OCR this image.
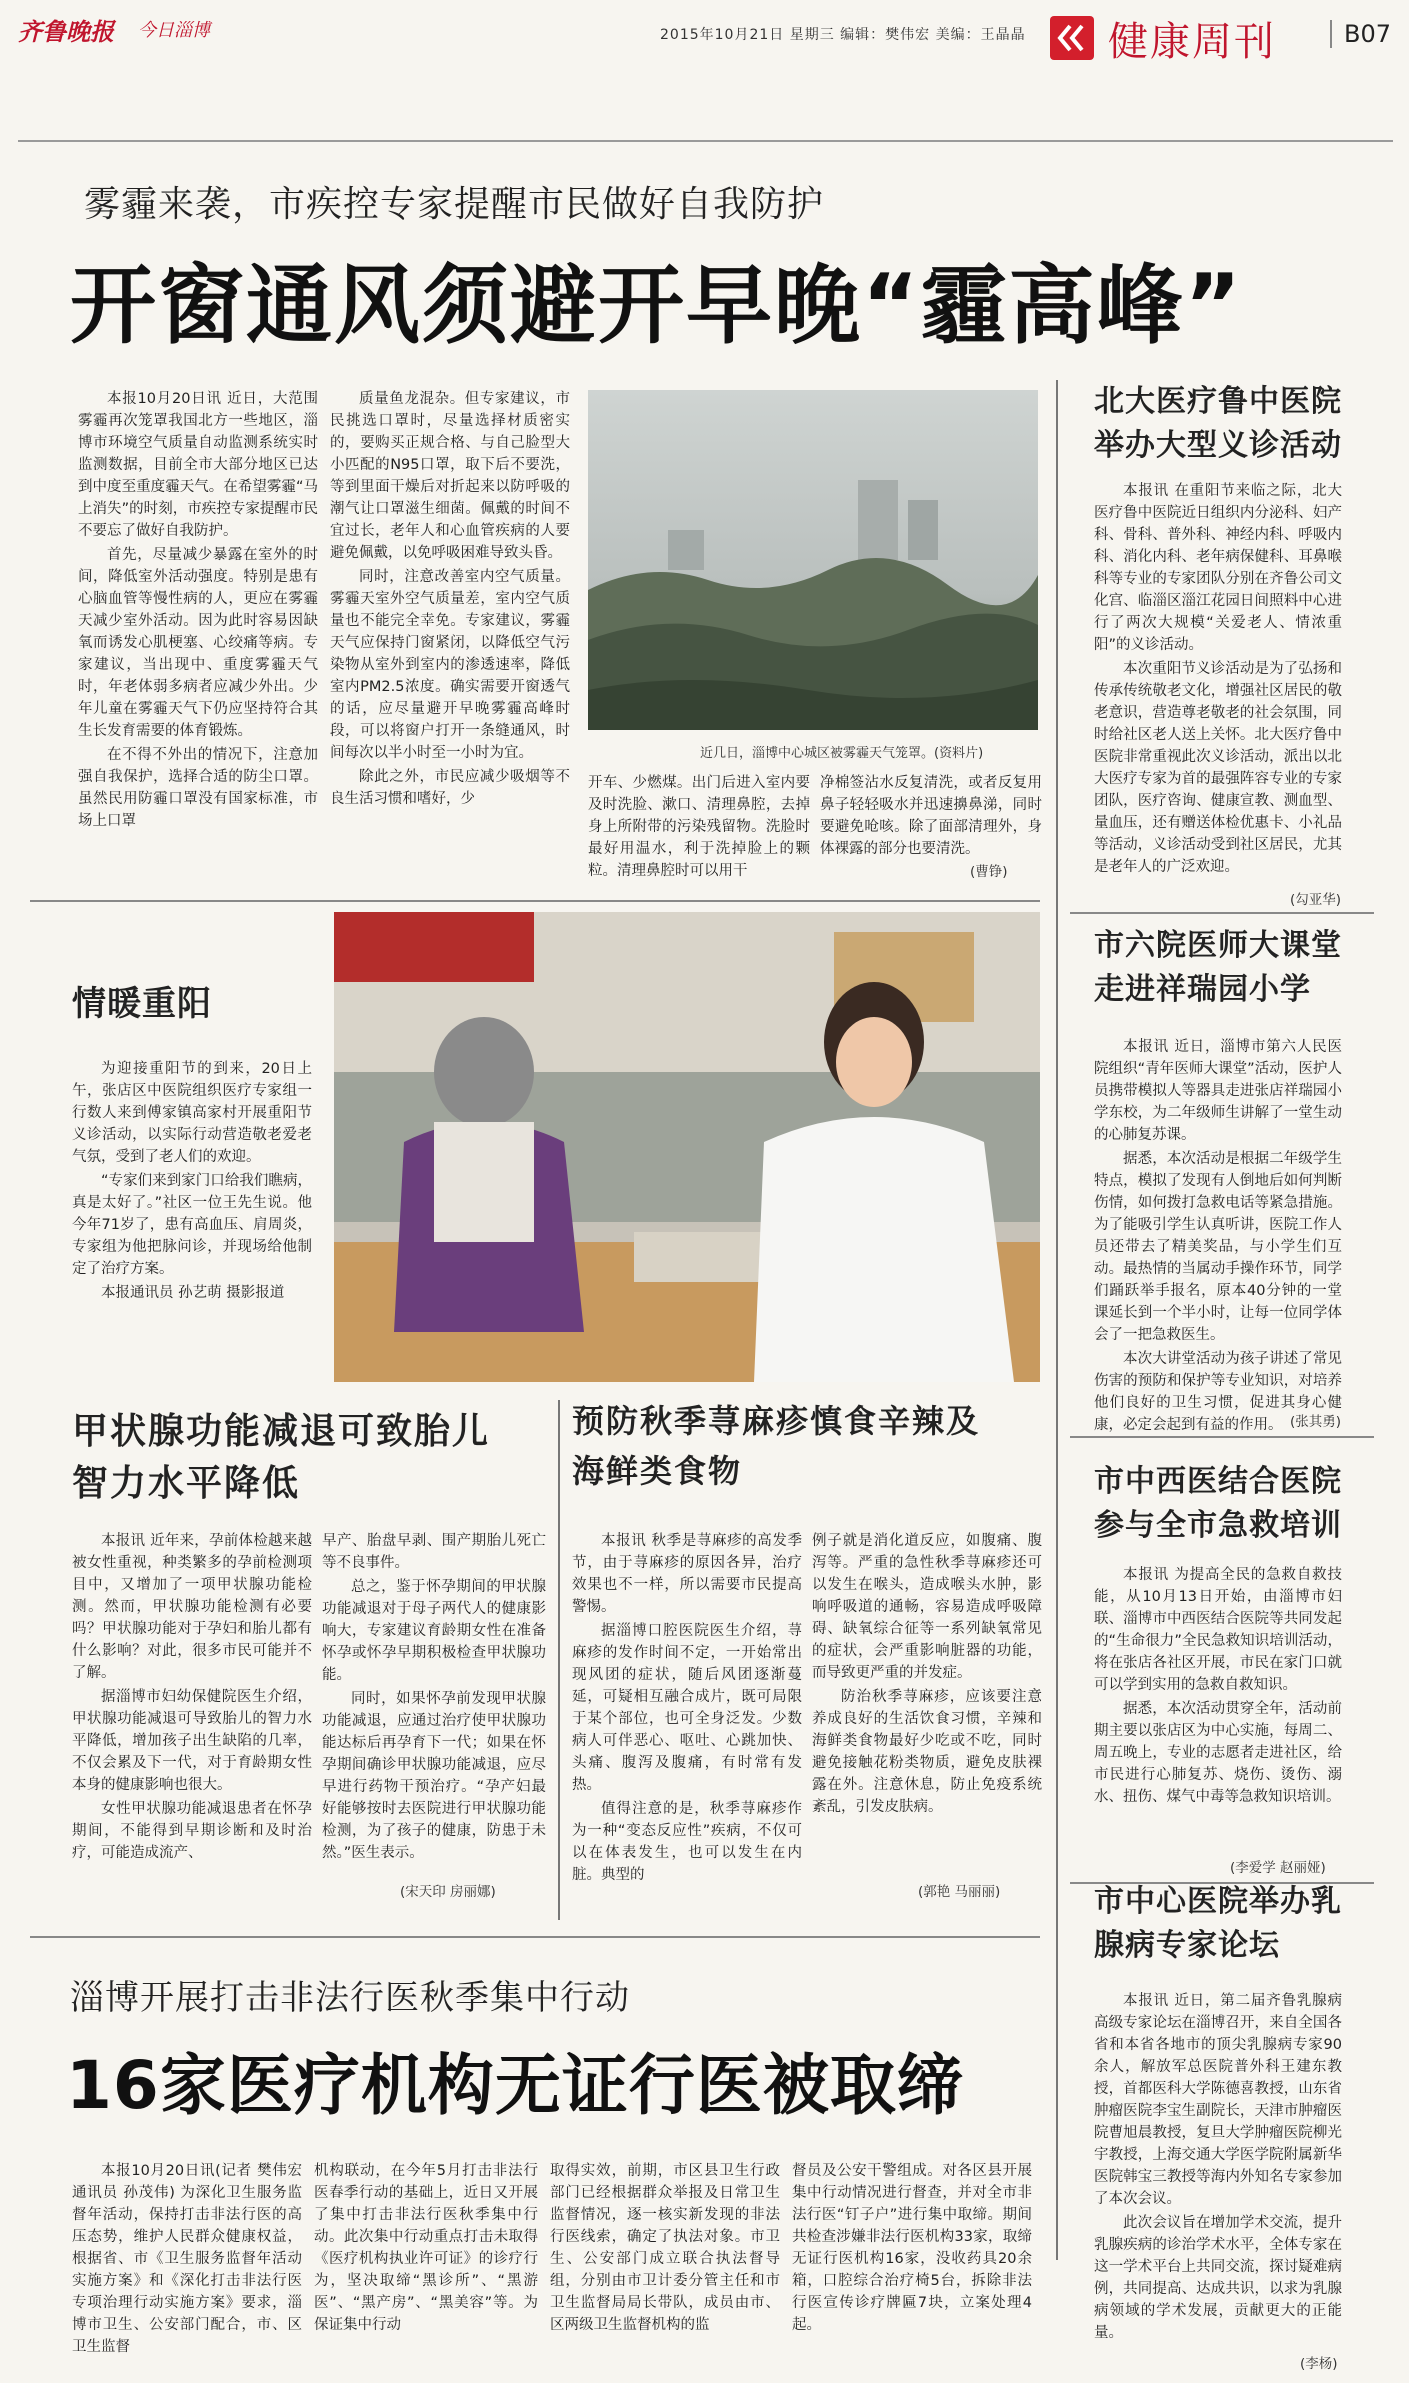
齐鲁晚报 今日淄博	2015年10月21日 星期三 编辑：樊伟宏 美编：王晶晶 健康周刊	B07
雾霾来袭，市疾控专家提醒市民做好自我防护
开窗通风须避开早晚“霾高峰”

本报10月20日讯 近日，大范围雾霾再次笼罩我国北方一些地区，淄博市环境空气质量自动监测系统实时监测数据，目前全市大部分地区已达到中度至重度霾天气。在希望雾霾“马上消失”的时刻，市疾控专家提醒市民不要忘了做好自我防护。

首先，尽量减少暴露在室外的时间，降低室外活动强度。特别是患有心脑血管等慢性病的人，更应在雾霾天减少室外活动。因为此时容易因缺氧而诱发心肌梗塞、心绞痛等病。专家建议，当出现中、重度雾霾天气时，年老体弱多病者应减少外出。少年儿童在雾霾天气下仍应坚持符合其生长发育需要的体育锻炼。

在不得不外出的情况下，注意加强自我保护，选择合适的防尘口罩。虽然民用防霾口罩没有国家标准，市场上口罩

质量鱼龙混杂。但专家建议，市民挑选口罩时，尽量选择材质密实的，要购买正规合格、与自己脸型大小匹配的N95口罩，取下后不要洗，等到里面干燥后对折起来以防呼吸的潮气让口罩滋生细菌。佩戴的时间不宜过长，老年人和心血管疾病的人要避免佩戴，以免呼吸困难导致头昏。

同时，注意改善室内空气质量。雾霾天室外空气质量差，室内空气质量也不能完全幸免。专家建议，雾霾天气应保持门窗紧闭，以降低空气污染物从室外到室内的渗透速率，降低室内PM2.5浓度。确实需要开窗透气的话，应尽量避开早晚雾霾高峰时段，可以将窗户打开一条缝通风，时间每次以半小时至一小时为宜。

除此之外，市民应减少吸烟等不良生活习惯和嗜好，少

近几日，淄博中心城区被雾霾天气笼罩。(资料片)

开车、少燃煤。出门后进入室内要及时洗脸、漱口、清理鼻腔，去掉身上所附带的污染残留物。洗脸时最好用温水，利于洗掉脸上的颗粒。清理鼻腔时可以用干

净棉签沾水反复清洗，或者反复用鼻子轻轻吸水并迅速擤鼻涕，同时要避免呛咳。除了面部清理外，身体裸露的部分也要清洗。

(曹铮)
北大医疗鲁中医院举办大型义诊活动

本报讯 在重阳节来临之际，北大医疗鲁中医院近日组织内分泌科、妇产科、骨科、普外科、神经内科、呼吸内科、消化内科、老年病保健科、耳鼻喉科等专业的专家团队分别在齐鲁公司文化宫、临淄区淄江花园日间照料中心进行了两次大规模“关爱老人、情浓重阳”的义诊活动。

本次重阳节义诊活动是为了弘扬和传承传统敬老文化，增强社区居民的敬老意识，营造尊老敬老的社会氛围，同时给社区老人送上关怀。北大医疗鲁中医院非常重视此次义诊活动，派出以北大医疗专家为首的最强阵容专业的专家团队，医疗咨询、健康宣教、测血型、量血压，还有赠送体检优惠卡、小礼品等活动，义诊活动受到社区居民，尤其是老年人的广泛欢迎。

(勾亚华)
市六院医师大课堂走进祥瑞园小学

本报讯 近日，淄博市第六人民医院组织“青年医师大课堂”活动，医护人员携带模拟人等器具走进张店祥瑞园小学东校，为二年级师生讲解了一堂生动的心肺复苏课。

据悉，本次活动是根据二年级学生特点，模拟了发现有人倒地后如何判断伤情，如何拨打急救电话等紧急措施。为了能吸引学生认真听讲，医院工作人员还带去了精美奖品，与小学生们互动。最热情的当属动手操作环节，同学们踊跃举手报名，原本40分钟的一堂课延长到一个半小时，让每一位同学体会了一把急救医生。

本次大讲堂活动为孩子讲述了常见伤害的预防和保护等专业知识，对培养他们良好的卫生习惯，促进其身心健康，必定会起到有益的作用。 (张其勇)
市中西医结合医院参与全市急救培训

本报讯 为提高全民的急救自救技能，从10月13日开始，由淄博市妇联、淄博市中西医结合医院等共同发起的“生命很力”全民急救知识培训活动，将在张店各社区开展，市民在家门口就可以学到实用的急救自救知识。

据悉，本次活动贯穿全年，活动前期主要以张店区为中心实施，每周二、周五晚上，专业的志愿者走进社区，给市民进行心肺复苏、烧伤、烫伤、溺水、扭伤、煤气中毒等急救知识培训。

(李爱学 赵丽娅)
市中心医院举办乳腺病专家论坛

本报讯 近日，第二届齐鲁乳腺病高级专家论坛在淄博召开，来自全国各省和本省各地市的顶尖乳腺病专家90余人，解放军总医院普外科王建东教授，首都医科大学陈德喜教授，山东省肿瘤医院李宝生副院长，天津市肿瘤医院曹旭晨教授，复旦大学肿瘤医院柳光宇教授，上海交通大学医学院附属新华医院韩宝三教授等海内外知名专家参加了本次会议。

此次会议旨在增加学术交流，提升乳腺疾病的诊治学术水平，全体专家在这一学术平台上共同交流，探讨疑难病例，共同提高、达成共识，以求为乳腺病领域的学术发展，贡献更大的正能量。

(李杨)
情暖重阳

为迎接重阳节的到来，20日上午，张店区中医院组织医疗专家组一行数人来到傅家镇高家村开展重阳节义诊活动，以实际行动营造敬老爱老气氛，受到了老人们的欢迎。

“专家们来到家门口给我们瞧病，真是太好了。”社区一位王先生说。他今年71岁了，患有高血压、肩周炎，专家组为他把脉问诊，并现场给他制定了治疗方案。

本报通讯员 孙艺萌 摄影报道

甲状腺功能减退可致胎儿智力水平降低

本报讯 近年来，孕前体检越来越被女性重视，种类繁多的孕前检测项目中，又增加了一项甲状腺功能检测。然而，甲状腺功能检测有必要吗？甲状腺功能对于孕妇和胎儿都有什么影响？对此，很多市民可能并不了解。

据淄博市妇幼保健院医生介绍，甲状腺功能减退可导致胎儿的智力水平降低，增加孩子出生缺陷的几率，不仅会累及下一代，对于育龄期女性本身的健康影响也很大。

女性甲状腺功能减退患者在怀孕期间，不能得到早期诊断和及时治疗，可能造成流产、

早产、胎盘早剥、围产期胎儿死亡等不良事件。

总之，鉴于怀孕期间的甲状腺功能减退对于母子两代人的健康影响大，专家建议育龄期女性在准备怀孕或怀孕早期积极检查甲状腺功能。

同时，如果怀孕前发现甲状腺功能减退，应通过治疗使甲状腺功能达标后再孕育下一代；如果在怀孕期间确诊甲状腺功能减退，应尽早进行药物干预治疗。“孕产妇最好能够按时去医院进行甲状腺功能检测，为了孩子的健康，防患于未然。”医生表示。

(宋天印 房丽娜)
预防秋季荨麻疹慎食辛辣及海鲜类食物

本报讯 秋季是荨麻疹的高发季节，由于荨麻疹的原因各异，治疗效果也不一样，所以需要市民提高警惕。

据淄博口腔医院医生介绍，荨麻疹的发作时间不定，一开始常出现风团的症状，随后风团逐渐蔓延，可疑相互融合成片，既可局限于某个部位，也可全身泛发。少数病人可伴恶心、呕吐、心跳加快、头痛、腹泻及腹痛，有时常有发热。

值得注意的是，秋季荨麻疹作为一种“变态反应性”疾病，不仅可以在体表发生，也可以发生在内脏。典型的

例子就是消化道反应，如腹痛、腹泻等。严重的急性秋季荨麻疹还可以发生在喉头，造成喉头水肿，影响呼吸道的通畅，容易造成呼吸障碍、缺氧综合征等一系列缺氧常见的症状，会严重影响脏器的功能，而导致更严重的并发症。

防治秋季荨麻疹，应该要注意养成良好的生活饮食习惯，辛辣和海鲜类食物最好少吃或不吃，同时避免接触花粉类物质，避免皮肤裸露在外。注意休息，防止免疫系统紊乱，引发皮肤病。

(郭艳 马丽丽)
淄博开展打击非法行医秋季集中行动
16家医疗机构无证行医被取缔

本报10月20日讯(记者 樊伟宏 通讯员 孙茂伟) 为深化卫生服务监督年活动，保持打击非法行医的高压态势，维护人民群众健康权益，根据省、市《卫生服务监督年活动实施方案》和《深化打击非法行医专项治理行动实施方案》要求，淄博市卫生、公安部门配合，市、区卫生监督

机构联动，在今年5月打击非法行医春季行动的基础上，近日又开展了集中打击非法行医秋季集中行动。此次集中行动重点打击未取得《医疗机构执业许可证》的诊疗行为，坚决取缔“黑诊所”、“黑游医”、“黑产房”、“黑美容”等。为保证集中行动

取得实效，前期，市区县卫生行政部门已经根据群众举报及日常卫生监督情况，逐一核实新发现的非法行医线索，确定了执法对象。市卫生、公安部门成立联合执法督导组，分别由市卫计委分管主任和市卫生监督局局长带队，成员由市、区两级卫生监督机构的监

督员及公安干警组成。对各区县开展集中行动情况进行督查，并对全市非法行医“钉子户”进行集中取缔。期间共检查涉嫌非法行医机构33家，取缔无证行医机构16家，没收药具20余箱，口腔综合治疗椅5台，拆除非法行医宣传诊疗牌匾7块，立案处理4起。
